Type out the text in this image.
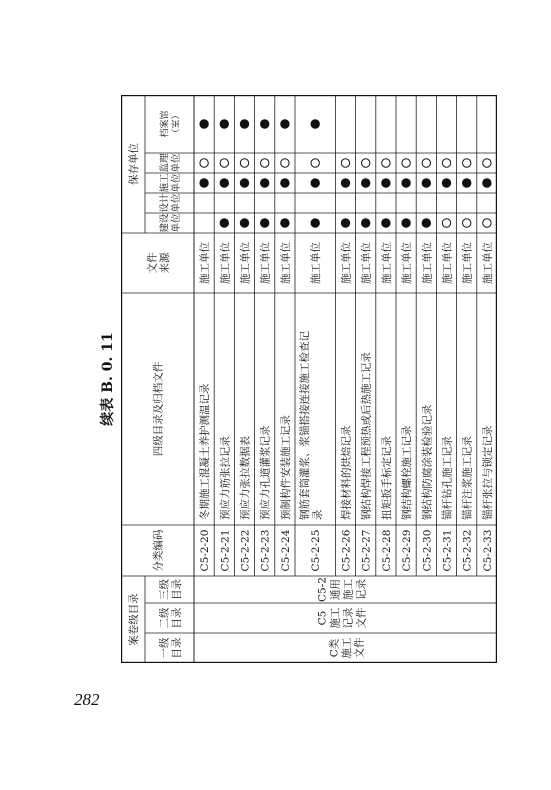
282
续表 B. 0. 11
案卷级目录
一级目录
二级目录
三级目录
分类编码
四级目录及归档文件
文件来源
保存单位
建设单位
设计单位
施工单位
监理单位
档案馆（室）
C类施工文件
C5施工记录文件
C5-2通用施工记录
C5-2-20
冬期施工混凝土养护测温记录
施工单位
C5-2-21
预应力筋张拉记录
施工单位
C5-2-22
预应力张拉数据表
施工单位
C5-2-23
预应力孔道灌浆记录
施工单位
C5-2-24
预制构件安装施工记录
施工单位
C5-2-25
钢筋套筒灌浆、浆锚搭接连接施工检查记录
施工单位
C5-2-26
焊接材料的烘焙记录
施工单位
C5-2-27
钢结构焊接工程预热或后热施工记录
施工单位
C5-2-28
扭矩扳手标定记录
施工单位
C5-2-29
钢结构螺栓施工记录
施工单位
C5-2-30
钢结构防腐涂装检验记录
施工单位
C5-2-31
锚杆钻孔施工记录
施工单位
C5-2-32
锚杆注浆施工记录
施工单位
C5-2-33
锚杆张拉与锁定记录
施工单位
